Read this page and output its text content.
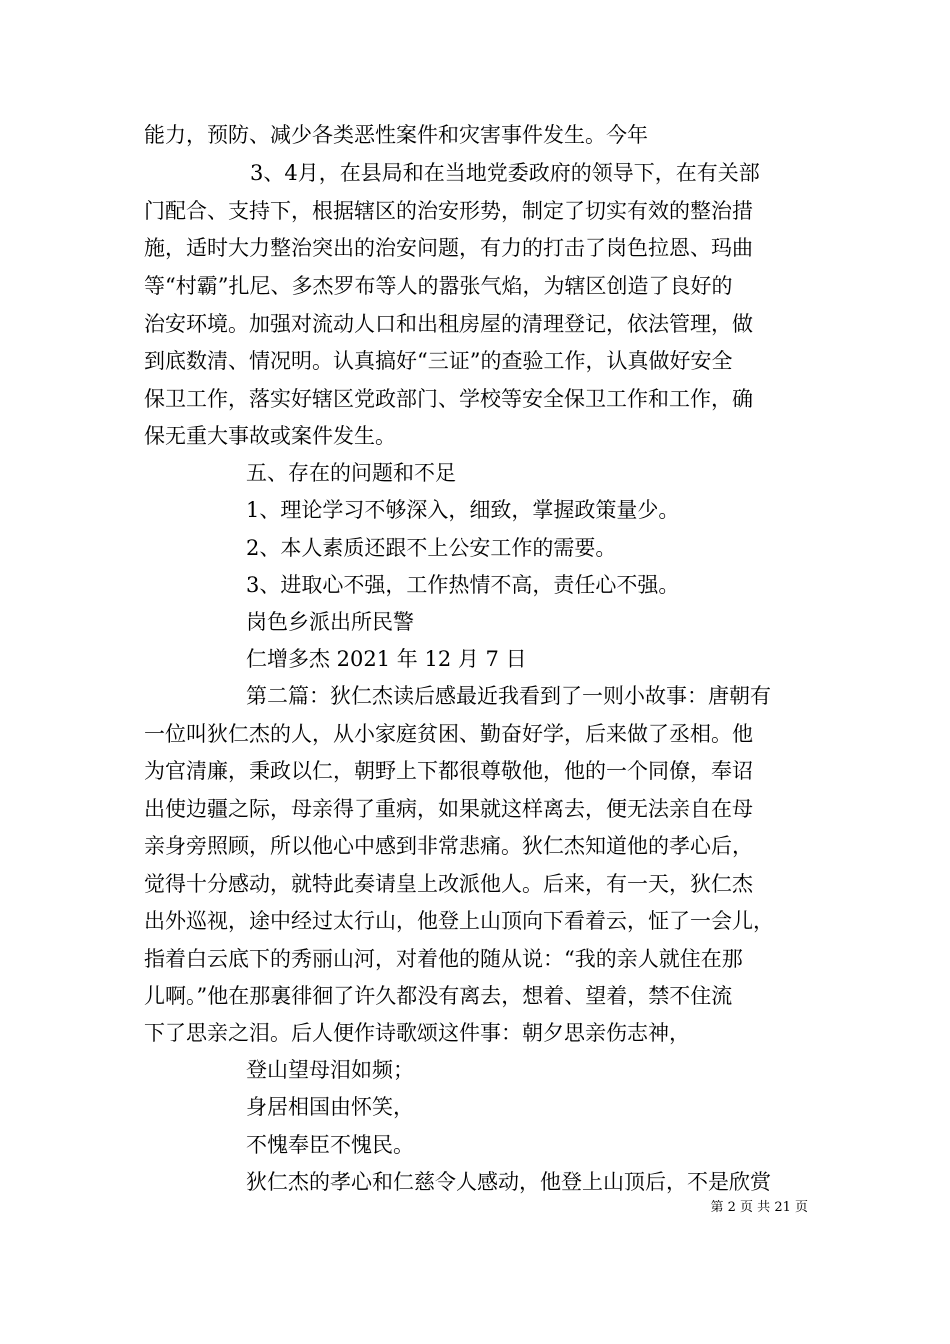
能力，预防、减少各类恶性案件和灾害事件发生。今年
3、4月，在县局和在当地党委政府的领导下，在有关部
门配合、支持下，根据辖区的治安形势，制定了切实有效的整治措
施，适时大力整治突出的治安问题，有力的打击了岗色拉恩、玛曲
等“村霸”扎尼、多杰罗布等人的嚣张气焰，为辖区创造了良好的
治安环境。加强对流动人口和出租房屋的清理登记，依法管理，做
到底数清、情况明。认真搞好“三证”的查验工作，认真做好安全
保卫工作，落实好辖区党政部门、学校等安全保卫工作和工作，确
保无重大事故或案件发生。
五、存在的问题和不足
1、理论学习不够深入，细致，掌握政策量少。
2、本人素质还跟不上公安工作的需要。
3、进取心不强，工作热情不高，责任心不强。
岗色乡派出所民警
仁增多杰 2021 年 12 月 7 日
第二篇：狄仁杰读后感最近我看到了一则小故事：唐朝有
一位叫狄仁杰的人，从小家庭贫困、勤奋好学，后来做了丞相。他
为官清廉，秉政以仁，朝野上下都很尊敬他，他的一个同僚，奉诏
出使边疆之际，母亲得了重病，如果就这样离去，便无法亲自在母
亲身旁照顾，所以他心中感到非常悲痛。狄仁杰知道他的孝心后，
觉得十分感动，就特此奏请皇上改派他人。后来，有一天，狄仁杰
出外巡视，途中经过太行山，他登上山顶向下看着云，怔了一会儿，
指着白云底下的秀丽山河，对着他的随从说：“我的亲人就住在那
儿啊。”他在那裏徘徊了许久都没有离去，想着、望着，禁不住流
下了思亲之泪。后人便作诗歌颂这件事：朝夕思亲伤志神，
登山望母泪如频；
身居相国由怀笑，
不愧奉臣不愧民。
狄仁杰的孝心和仁慈令人感动，他登上山顶后，不是欣赏
第 2 页 共 21 页
